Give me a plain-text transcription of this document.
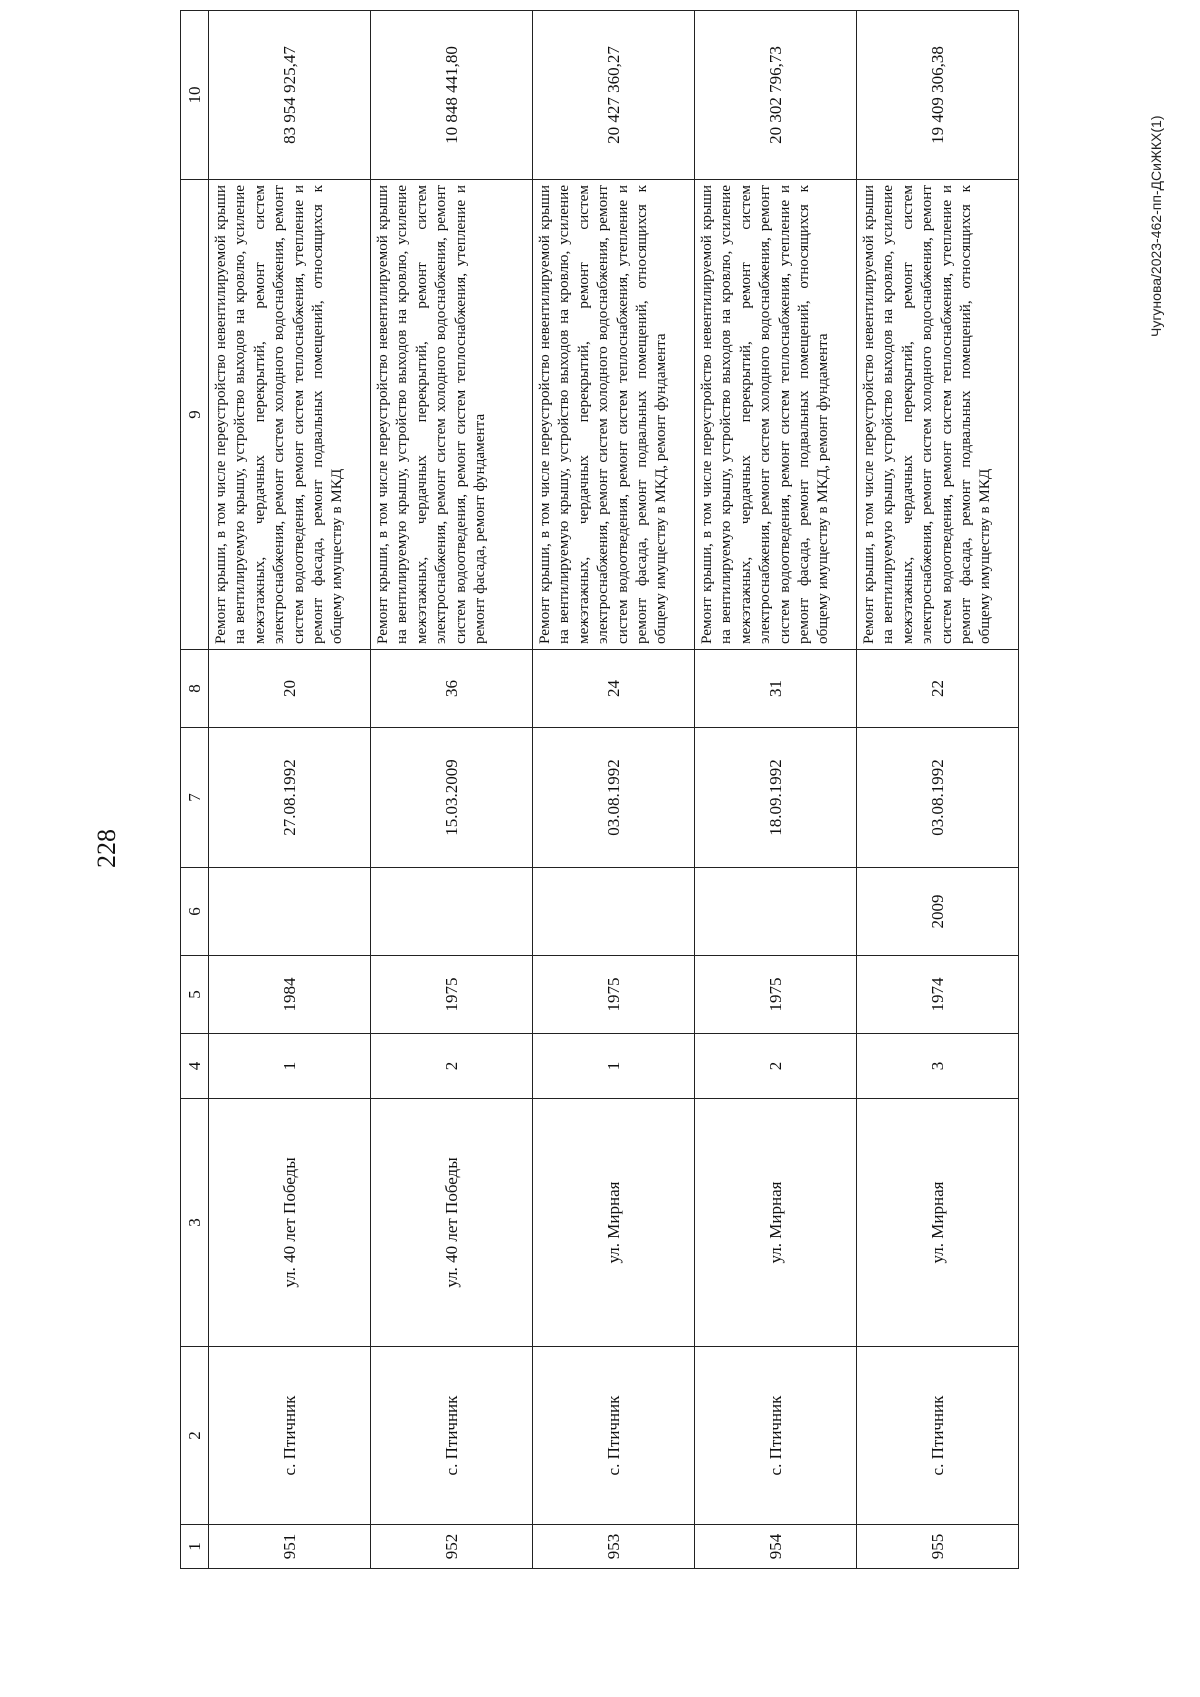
228
1	2	3	4	5	6	7	8	9	10
951	с. Птичник	ул. 40 лет Победы	1	1984		27.08.1992	20	Ремонт крыши, в том числе переустройство невентилируемой крыши на вентилируемую крышу, устройство выходов на кровлю, усиление межэтажных, чердачных перекрытий, ремонт систем электроснабжения, ремонт систем холодного водоснабжения, ремонт систем водоотведения, ремонт систем теплоснабжения, утепление и ремонт фасада, ремонт подвальных помещений, относящихся к общему имуществу в МКД	83 954 925,47
952	с. Птичник	ул. 40 лет Победы	2	1975		15.03.2009	36	Ремонт крыши, в том числе переустройство невентилируемой крыши на вентилируемую крышу, устройство выходов на кровлю, усиление межэтажных, чердачных перекрытий, ремонт систем электроснабжения, ремонт систем холодного водоснабжения, ремонт систем водоотведения, ремонт систем теплоснабжения, утепление и ремонт фасада, ремонт фундамента	10 848 441,80
953	с. Птичник	ул. Мирная	1	1975		03.08.1992	24	Ремонт крыши, в том числе переустройство невентилируемой крыши на вентилируемую крышу, устройство выходов на кровлю, усиление межэтажных, чердачных перекрытий, ремонт систем электроснабжения, ремонт систем холодного водоснабжения, ремонт систем водоотведения, ремонт систем теплоснабжения, утепление и ремонт фасада, ремонт подвальных помещений, относящихся к общему имуществу в МКД, ремонт фундамента	20 427 360,27
954	с. Птичник	ул. Мирная	2	1975		18.09.1992	31	Ремонт крыши, в том числе переустройство невентилируемой крыши на вентилируемую крышу, устройство выходов на кровлю, усиление межэтажных, чердачных перекрытий, ремонт систем электроснабжения, ремонт систем холодного водоснабжения, ремонт систем водоотведения, ремонт систем теплоснабжения, утепление и ремонт фасада, ремонт подвальных помещений, относящихся к общему имуществу в МКД, ремонт фундамента	20 302 796,73
955	с. Птичник	ул. Мирная	3	1974	2009	03.08.1992	22	Ремонт крыши, в том числе переустройство невентилируемой крыши на вентилируемую крышу, устройство выходов на кровлю, усиление межэтажных, чердачных перекрытий, ремонт систем электроснабжения, ремонт систем холодного водоснабжения, ремонт систем водоотведения, ремонт систем теплоснабжения, утепление и ремонт фасада, ремонт подвальных помещений, относящихся к общему имуществу в МКД	19 409 306,38
Чугунова/2023-462-пп-ДСиЖКХ(1)
